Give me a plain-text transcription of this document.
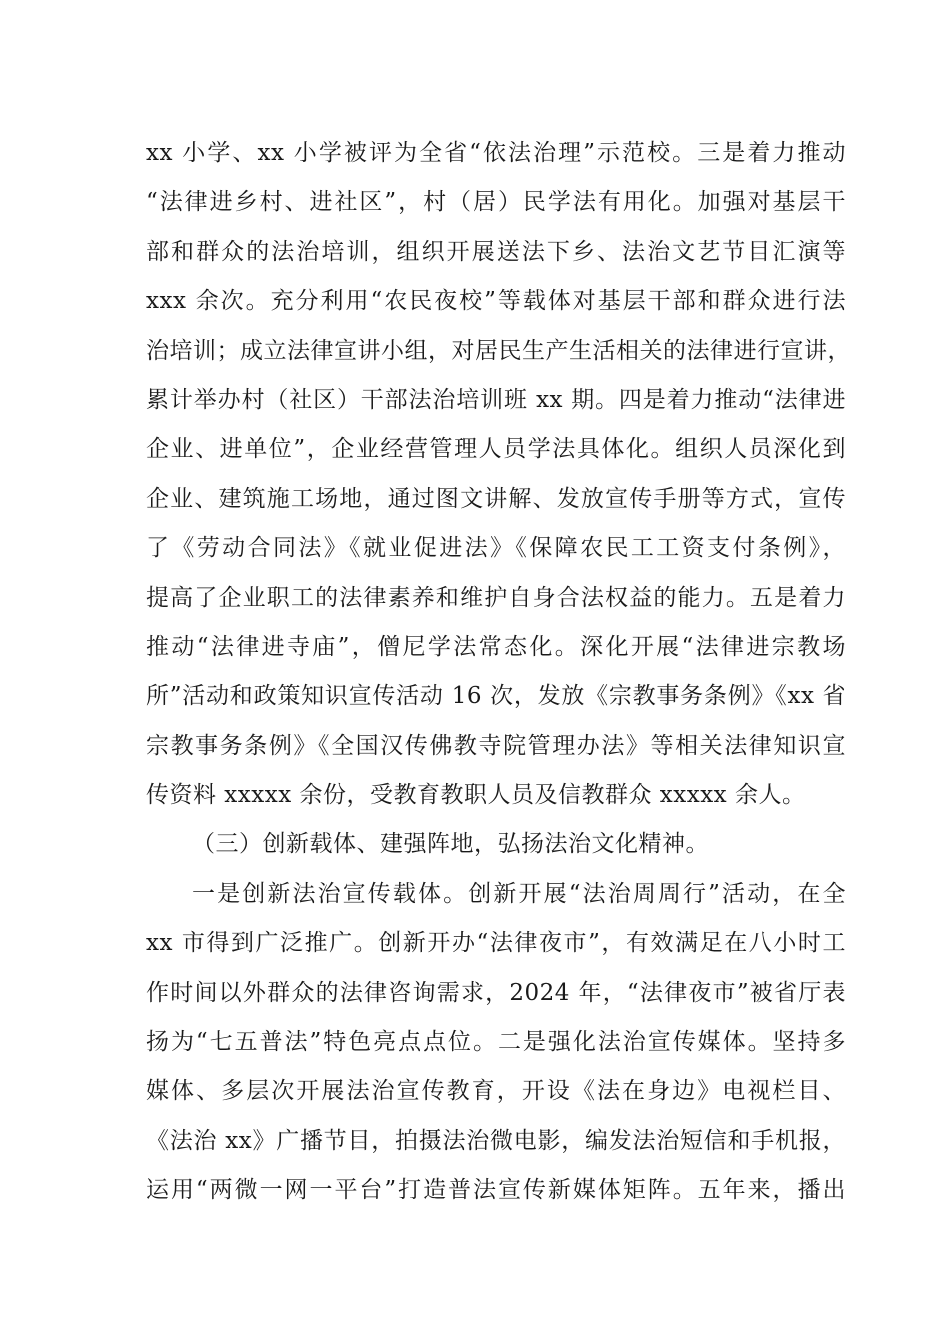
xx 小学、xx 小学被评为全省“依法治理”示范校。三是着力推动
“法律进乡村、进社区”，村（居）民学法有用化。加强对基层干
部和群众的法治培训，组织开展送法下乡、法治文艺节目汇演等
xxx 余次。充分利用“农民夜校”等载体对基层干部和群众进行法
治培训；成立法律宣讲小组，对居民生产生活相关的法律进行宣讲，
累计举办村（社区）干部法治培训班 xx 期。四是着力推动“法律进
企业、进单位”，企业经营管理人员学法具体化。组织人员深化到
企业、建筑施工场地，通过图文讲解、发放宣传手册等方式，宣传
了《劳动合同法》《就业促进法》《保障农民工工资支付条例》，
提高了企业职工的法律素养和维护自身合法权益的能力。五是着力
推动“法律进寺庙”，僧尼学法常态化。深化开展“法律进宗教场
所”活动和政策知识宣传活动 16 次，发放《宗教事务条例》《xx 省
宗教事务条例》《全国汉传佛教寺院管理办法》等相关法律知识宣
传资料 xxxxx 余份，受教育教职人员及信教群众 xxxxx 余人。
（三）创新载体、建强阵地，弘扬法治文化精神。
一是创新法治宣传载体。创新开展“法治周周行”活动，在全
xx 市得到广泛推广。创新开办“法律夜市”，有效满足在八小时工
作时间以外群众的法律咨询需求，2024 年，“法律夜市”被省厅表
扬为“七五普法”特色亮点点位。二是强化法治宣传媒体。坚持多
媒体、多层次开展法治宣传教育，开设《法在身边》电视栏目、
《法治 xx》广播节目，拍摄法治微电影，编发法治短信和手机报，
运用“两微一网一平台”打造普法宣传新媒体矩阵。五年来，播出
